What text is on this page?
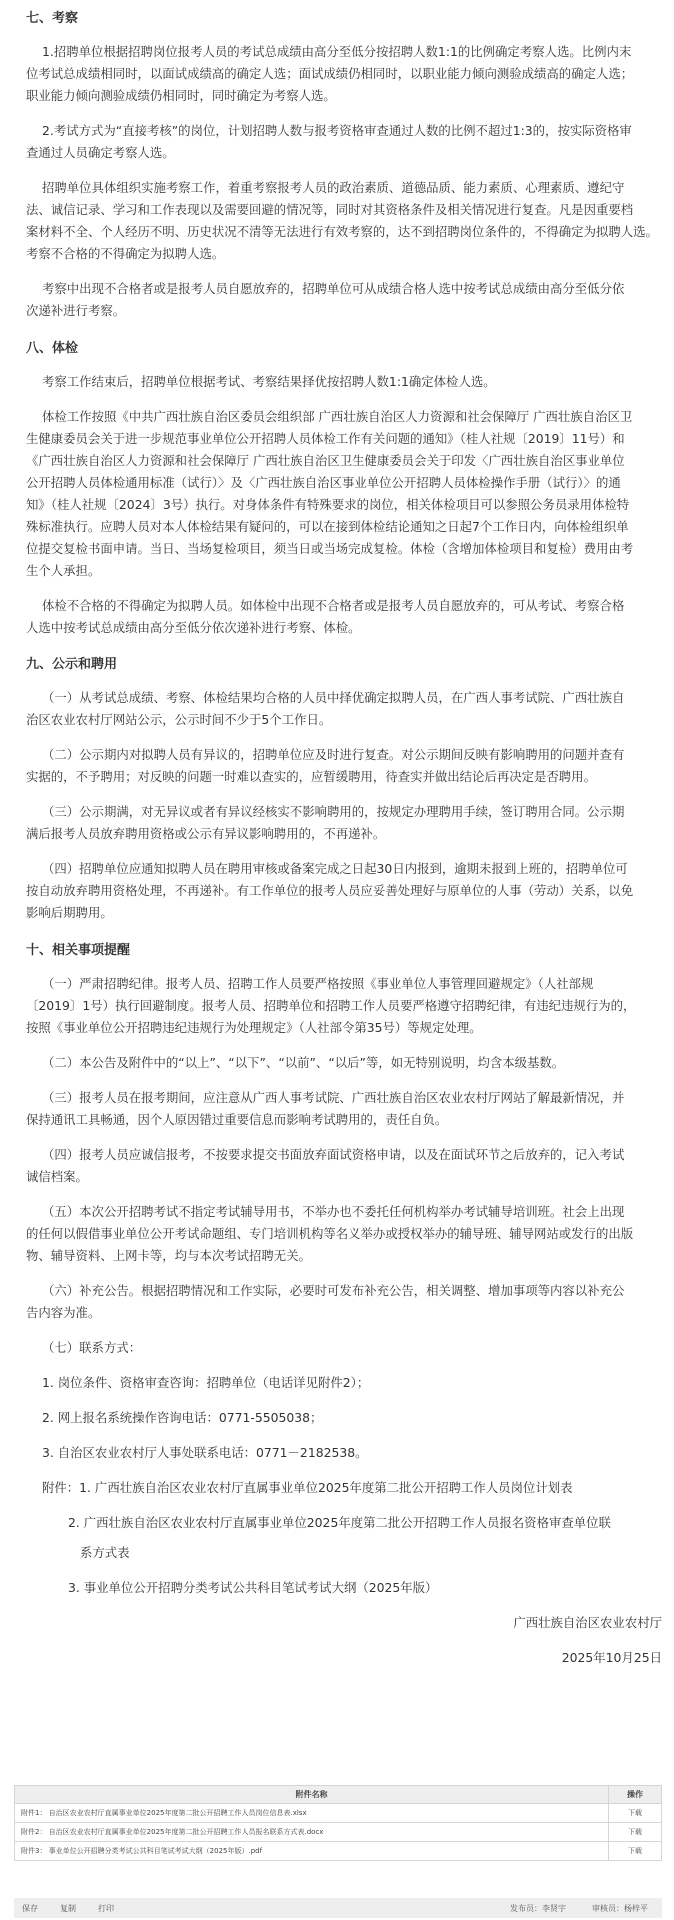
七、考察
1.招聘单位根据招聘岗位报考人员的考试总成绩由高分至低分按招聘人数1:1的比例确定考察人选。比例内末
位考试总成绩相同时，以面试成绩高的确定人选；面试成绩仍相同时，以职业能力倾向测验成绩高的确定人选；
职业能力倾向测验成绩仍相同时，同时确定为考察人选。
2.考试方式为“直接考核”的岗位，计划招聘人数与报考资格审查通过人数的比例不超过1:3的，按实际资格审
查通过人员确定考察人选。
招聘单位具体组织实施考察工作，着重考察报考人员的政治素质、道德品质、能力素质、心理素质、遵纪守
法、诚信记录、学习和工作表现以及需要回避的情况等，同时对其资格条件及相关情况进行复查。凡是因重要档
案材料不全、个人经历不明、历史状况不清等无法进行有效考察的，达不到招聘岗位条件的，不得确定为拟聘人选。
考察不合格的不得确定为拟聘人选。
考察中出现不合格者或是报考人员自愿放弃的，招聘单位可从成绩合格人选中按考试总成绩由高分至低分依
次递补进行考察。
八、体检
考察工作结束后，招聘单位根据考试、考察结果择优按招聘人数1:1确定体检人选。
体检工作按照《中共广西壮族自治区委员会组织部 广西壮族自治区人力资源和社会保障厅 广西壮族自治区卫
生健康委员会关于进一步规范事业单位公开招聘人员体检工作有关问题的通知》（桂人社规〔2019〕11号）和
《广西壮族自治区人力资源和社会保障厅 广西壮族自治区卫生健康委员会关于印发〈广西壮族自治区事业单位
公开招聘人员体检通用标准（试行）〉及〈广西壮族自治区事业单位公开招聘人员体检操作手册（试行）〉的通
知》（桂人社规〔2024〕3号）执行。对身体条件有特殊要求的岗位，相关体检项目可以参照公务员录用体检特
殊标准执行。应聘人员对本人体检结果有疑问的，可以在接到体检结论通知之日起7个工作日内，向体检组织单
位提交复检书面申请。当日、当场复检项目，须当日或当场完成复检。体检（含增加体检项目和复检）费用由考
生个人承担。
体检不合格的不得确定为拟聘人员。如体检中出现不合格者或是报考人员自愿放弃的，可从考试、考察合格
人选中按考试总成绩由高分至低分依次递补进行考察、体检。
九、公示和聘用
（一）从考试总成绩、考察、体检结果均合格的人员中择优确定拟聘人员，在广西人事考试院、广西壮族自
治区农业农村厅网站公示，公示时间不少于5个工作日。
（二）公示期内对拟聘人员有异议的，招聘单位应及时进行复查。对公示期间反映有影响聘用的问题并查有
实据的，不予聘用；对反映的问题一时难以查实的，应暂缓聘用，待查实并做出结论后再决定是否聘用。
（三）公示期满，对无异议或者有异议经核实不影响聘用的，按规定办理聘用手续，签订聘用合同。公示期
满后报考人员放弃聘用资格或公示有异议影响聘用的，不再递补。
（四）招聘单位应通知拟聘人员在聘用审核或备案完成之日起30日内报到，逾期未报到上班的，招聘单位可
按自动放弃聘用资格处理，不再递补。有工作单位的报考人员应妥善处理好与原单位的人事（劳动）关系，以免
影响后期聘用。
十、相关事项提醒
（一）严肃招聘纪律。报考人员、招聘工作人员要严格按照《事业单位人事管理回避规定》（人社部规
〔2019〕1号）执行回避制度。报考人员、招聘单位和招聘工作人员要严格遵守招聘纪律，有违纪违规行为的，
按照《事业单位公开招聘违纪违规行为处理规定》（人社部令第35号）等规定处理。
（二）本公告及附件中的“以上”、“以下”、“以前”、“以后”等，如无特别说明，均含本级基数。
（三）报考人员在报考期间，应注意从广西人事考试院、广西壮族自治区农业农村厅网站了解最新情况，并
保持通讯工具畅通，因个人原因错过重要信息而影响考试聘用的，责任自负。
（四）报考人员应诚信报考，不按要求提交书面放弃面试资格申请，以及在面试环节之后放弃的，记入考试
诚信档案。
（五）本次公开招聘考试不指定考试辅导用书，不举办也不委托任何机构举办考试辅导培训班。社会上出现
的任何以假借事业单位公开考试命题组、专门培训机构等名义举办或授权举办的辅导班、辅导网站或发行的出版
物、辅导资料、上网卡等，均与本次考试招聘无关。
（六）补充公告。根据招聘情况和工作实际，必要时可发布补充公告，相关调整、增加事项等内容以补充公
告内容为准。
（七）联系方式：
1. 岗位条件、资格审查咨询：招聘单位（电话详见附件2）；
2. 网上报名系统操作咨询电话：0771-5505038；
3. 自治区农业农村厅人事处联系电话：0771－2182538。
附件：1. 广西壮族自治区农业农村厅直属事业单位2025年度第二批公开招聘工作人员岗位计划表
2. 广西壮族自治区农业农村厅直属事业单位2025年度第二批公开招聘工作人员报名资格审查单位联
系方式表
3. 事业单位公开招聘分类考试公共科目笔试考试大纲（2025年版）
广西壮族自治区农业农村厅
2025年10月25日
附件名称	操作
附件1： 自治区农业农村厅直属事业单位2025年度第二批公开招聘工作人员岗位信息表.xlsx	下载
附件2： 自治区农业农村厅直属事业单位2025年度第二批公开招聘工作人员报名联系方式表.docx	下载
附件3： 事业单位公开招聘分类考试公共科目笔试考试大纲（2025年版）.pdf	下载
保存	复制	打印	发布员：李贤宇	审核员：杨梓平
